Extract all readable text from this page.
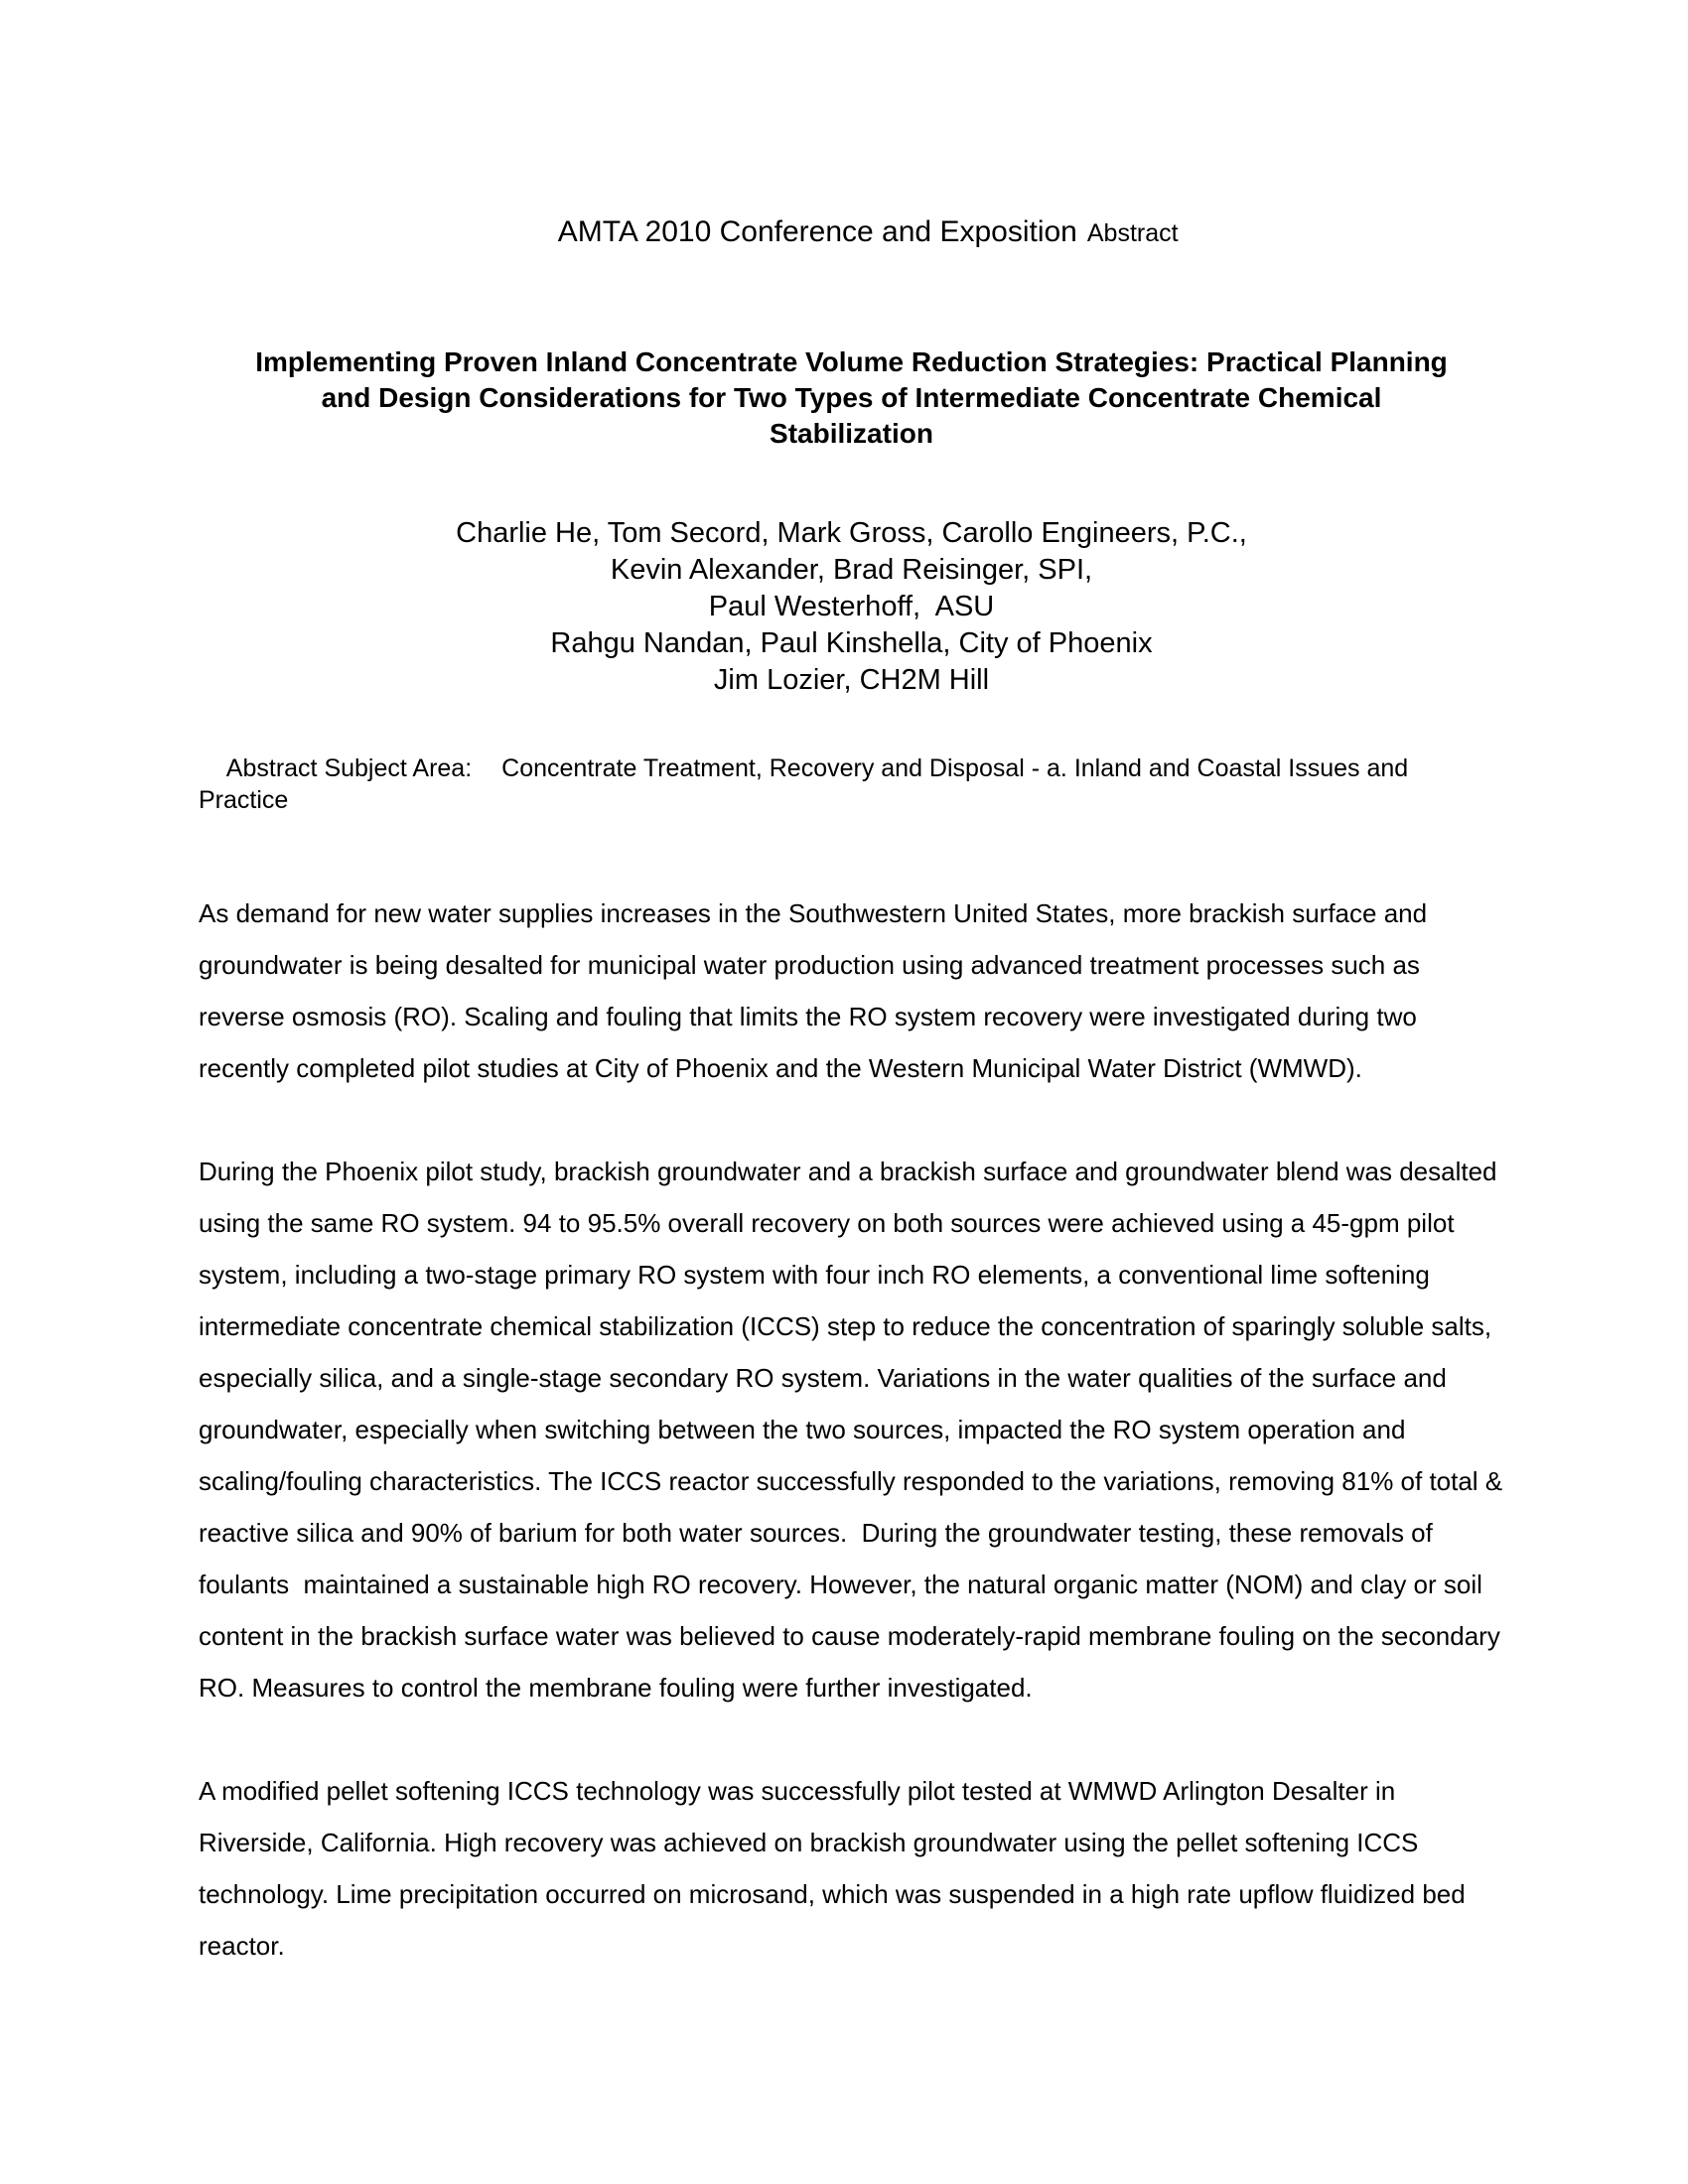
AMTA 2010 Conference and Exposition Abstract

Implementing Proven Inland Concentrate Volume Reduction Strategies: Practical Planning and Design Considerations for Two Types of Intermediate Concentrate Chemical Stabilization
Charlie He, Tom Secord, Mark Gross, Carollo Engineers, P.C.,
Kevin Alexander, Brad Reisinger, SPI,
Paul Westerhoff,  ASU
Rahgu Nandan, Paul Kinshella, City of Phoenix
Jim Lozier, CH2M Hill

Abstract Subject Area: Concentrate Treatment, Recovery and Disposal - a. Inland and Coastal Issues and Practice

As demand for new water supplies increases in the Southwestern United States, more brackish surface and groundwater is being desalted for municipal water production using advanced treatment processes such as reverse osmosis (RO). Scaling and fouling that limits the RO system recovery were investigated during two recently completed pilot studies at City of Phoenix and the Western Municipal Water District (WMWD).

During the Phoenix pilot study, brackish groundwater and a brackish surface and groundwater blend was desalted using the same RO system. 94 to 95.5% overall recovery on both sources were achieved using a 45-gpm pilot system, including a two-stage primary RO system with four inch RO elements, a conventional lime softening intermediate concentrate chemical stabilization (ICCS) step to reduce the concentration of sparingly soluble salts, especially silica, and a single-stage secondary RO system. Variations in the water qualities of the surface and groundwater, especially when switching between the two sources, impacted the RO system operation and scaling/fouling characteristics. The ICCS reactor successfully responded to the variations, removing 81% of total & reactive silica and 90% of barium for both water sources.  During the groundwater testing, these removals of foulants  maintained a sustainable high RO recovery. However, the natural organic matter (NOM) and clay or soil content in the brackish surface water was believed to cause moderately-rapid membrane fouling on the secondary RO. Measures to control the membrane fouling were further investigated.

A modified pellet softening ICCS technology was successfully pilot tested at WMWD Arlington Desalter in Riverside, California. High recovery was achieved on brackish groundwater using the pellet softening ICCS technology. Lime precipitation occurred on microsand, which was suspended in a high rate upflow fluidized bed reactor.
